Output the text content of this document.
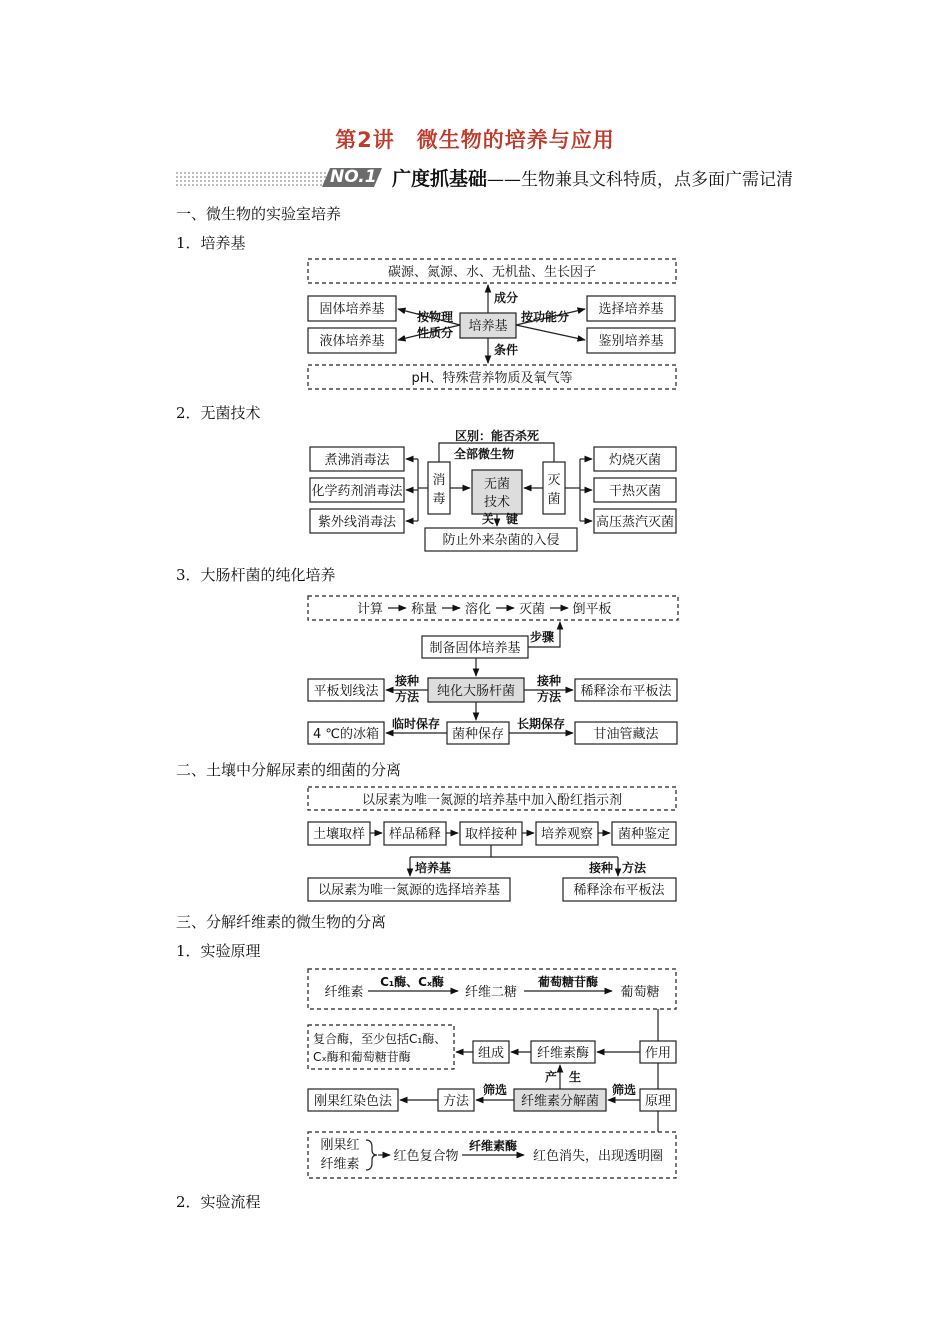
第2讲　微生物的培养与应用
NO.1 广度抓基础——生物兼具文科特质，点多面广需记清
一、微生物的实验室培养
1．培养基
2．无菌技术
3．大肠杆菌的纯化培养
二、土壤中分解尿素的细菌的分离
三、分解纤维素的微生物的分离
1．实验原理
2．实验流程
碳源、氮源、水、无机盐、生长因子
固体培养基
液体培养基
培养基
选择培养基
鉴别培养基
按物理
性质分
按功能分
成分
条件
pH、特殊营养物质及氧气等
煮沸消毒法
化学药剂消毒法
紫外线消毒法
灼烧灭菌
干热灭菌
高压蒸汽灭菌
消
毒
灭
菌
无菌
技术
区别：能否杀死
全部微生物
关　键
防止外来杂菌的入侵
计算 称量 溶化 灭菌 倒平板
制备固体培养基
步骤
纯化大肠杆菌
平板划线法	稀释涂布平板法
接种
方法
接种
方法
菌种保存
临时保存	长期保存
4 ℃的冰箱	甘油管藏法
以尿素为唯一氮源的培养基中加入酚红指示剂
土壤取样 样品稀释 取样接种 培养观察 菌种鉴定
培养基	接种 方法
以尿素为唯一氮源的选择培养基	稀释涂布平板法
纤维素	纤维二糖	葡萄糖
C₁酶、Cₓ酶	葡萄糖苷酶
复合酶，至少包括C₁酶、
Cₓ酶和葡萄糖苷酶	组成	纤维素酶	作用
产　生
刚果红染色法	方法
筛选	筛选
纤维素分解菌	原理
刚果红
纤维素
红色复合物
纤维素酶
红色消失，出现透明圈
